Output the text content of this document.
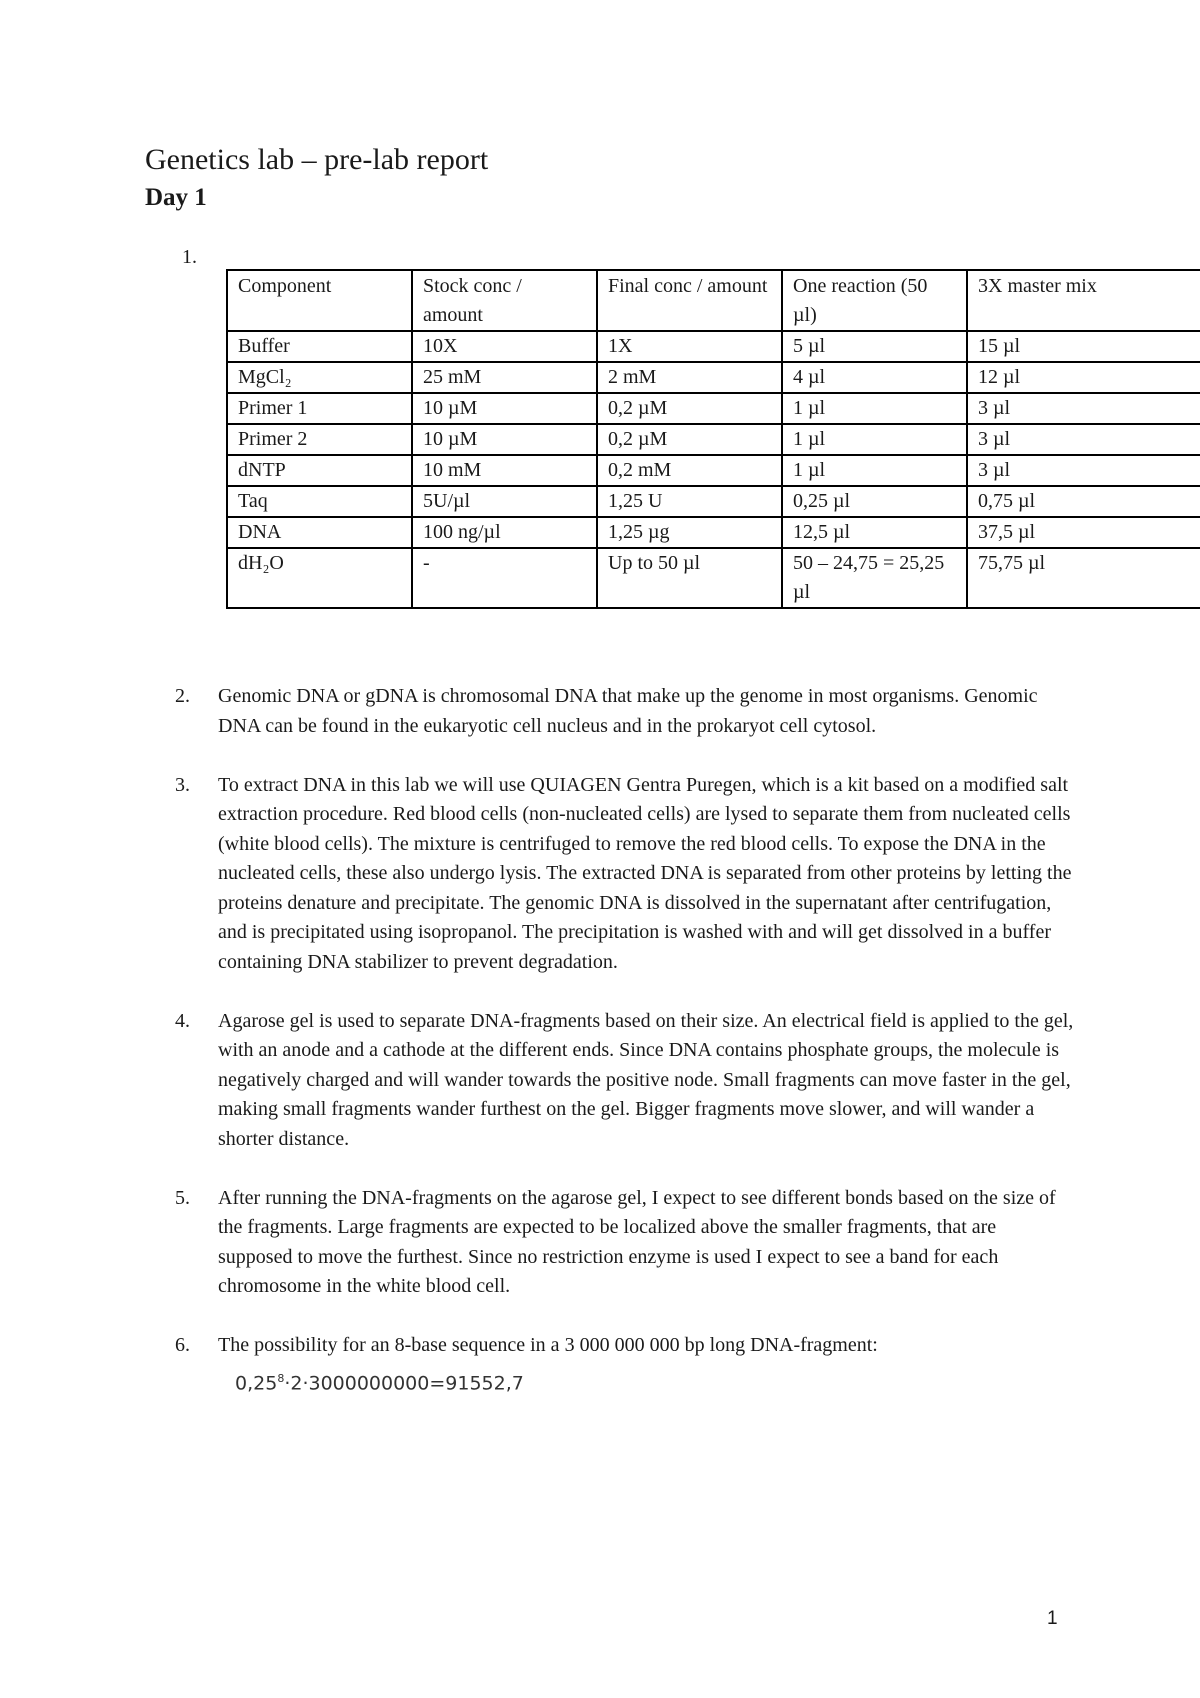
Genetics lab – pre-lab report
Day 1
1.
Component	Stock conc / amount	Final conc / amount	One reaction (50 µl)	3X master mix
Buffer	10X	1X	5 µl	15 µl
MgCl₂	25 mM	2 mM	4 µl	12 µl
Primer 1	10 µM	0,2 µM	1 µl	3 µl
Primer 2	10 µM	0,2 µM	1 µl	3 µl
dNTP	10 mM	0,2 mM	1 µl	3 µl
Taq	5U/µl	1,25 U	0,25 µl	0,75 µl
DNA	100 ng/µl	1,25 µg	12,5 µl	37,5 µl
dH₂O	-	Up to 50 µl	50 – 24,75 = 25,25 µl	75,75 µl
2. Genomic DNA or gDNA is chromosomal DNA that make up the genome in most organisms. Genomic DNA can be found in the eukaryotic cell nucleus and in the prokaryot cell cytosol.
3. To extract DNA in this lab we will use QUIAGEN Gentra Puregen, which is a kit based on a modified salt extraction procedure. Red blood cells (non-nucleated cells) are lysed to separate them from nucleated cells (white blood cells). The mixture is centrifuged to remove the red blood cells. To expose the DNA in the nucleated cells, these also undergo lysis. The extracted DNA is separated from other proteins by letting the proteins denature and precipitate. The genomic DNA is dissolved in the supernatant after centrifugation, and is precipitated using isopropanol. The precipitation is washed with and will get dissolved in a buffer containing DNA stabilizer to prevent degradation.
4. Agarose gel is used to separate DNA-fragments based on their size. An electrical field is applied to the gel, with an anode and a cathode at the different ends. Since DNA contains phosphate groups, the molecule is negatively charged and will wander towards the positive node. Small fragments can move faster in the gel, making small fragments wander furthest on the gel. Bigger fragments move slower, and will wander a shorter distance.
5. After running the DNA-fragments on the agarose gel, I expect to see different bonds based on the size of the fragments. Large fragments are expected to be localized above the smaller fragments, that are supposed to move the furthest. Since no restriction enzyme is used I expect to see a band for each chromosome in the white blood cell.
6. The possibility for an 8-base sequence in a 3 000 000 000 bp long DNA-fragment:
$0,25^8\cdot 2\cdot 3000000000=91552,7$
1
